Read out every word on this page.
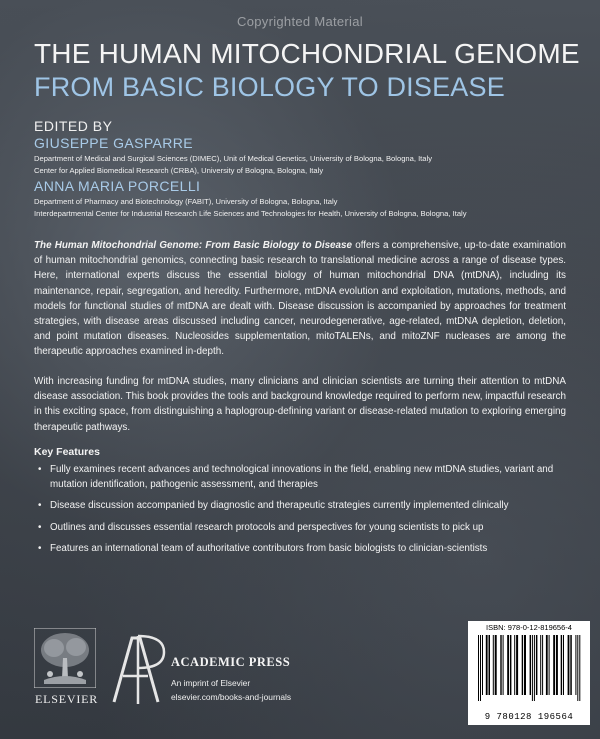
Copyrighted Material
THE HUMAN MITOCHONDRIAL GENOME
FROM BASIC BIOLOGY TO DISEASE
EDITED BY
GIUSEPPE GASPARRE
Department of Medical and Surgical Sciences (DIMEC), Unit of Medical Genetics, University of Bologna, Bologna, Italy
Center for Applied Biomedical Research (CRBA), University of Bologna, Bologna, Italy
ANNA MARIA PORCELLI
Department of Pharmacy and Biotechnology (FABIT), University of Bologna, Bologna, Italy
Interdepartmental Center for Industrial Research Life Sciences and Technologies for Health, University of Bologna, Bologna, Italy
The Human Mitochondrial Genome: From Basic Biology to Disease offers a comprehensive, up-to-date examination of human mitochondrial genomics, connecting basic research to translational medicine across a range of disease types. Here, international experts discuss the essential biology of human mitochondrial DNA (mtDNA), including its maintenance, repair, segregation, and heredity. Furthermore, mtDNA evolution and exploitation, mutations, methods, and models for functional studies of mtDNA are dealt with. Disease discussion is accompanied by approaches for treatment strategies, with disease areas discussed including cancer, neurodegenerative, age-related, mtDNA depletion, deletion, and point mutation diseases. Nucleosides supplementation, mitoTALENs, and mitoZNF nucleases are among the therapeutic approaches examined in-depth.
With increasing funding for mtDNA studies, many clinicians and clinician scientists are turning their attention to mtDNA disease association. This book provides the tools and background knowledge required to perform new, impactful research in this exciting space, from distinguishing a haplogroup-defining variant or disease-related mutation to exploring emerging therapeutic pathways.
Key Features
• Fully examines recent advances and technological innovations in the field, enabling new mtDNA studies, variant and mutation identification, pathogenic assessment, and therapies
• Disease discussion accompanied by diagnostic and therapeutic strategies currently implemented clinically
• Outlines and discusses essential research protocols and perspectives for young scientists to pick up
• Features an international team of authoritative contributors from basic biologists to clinician-scientists
ELSEVIER	AP
ACADEMIC PRESS
An imprint of Elsevier
elsevier.com/books-and-journals
ISBN: 978-0-12-819656-4
9 780128 196564
